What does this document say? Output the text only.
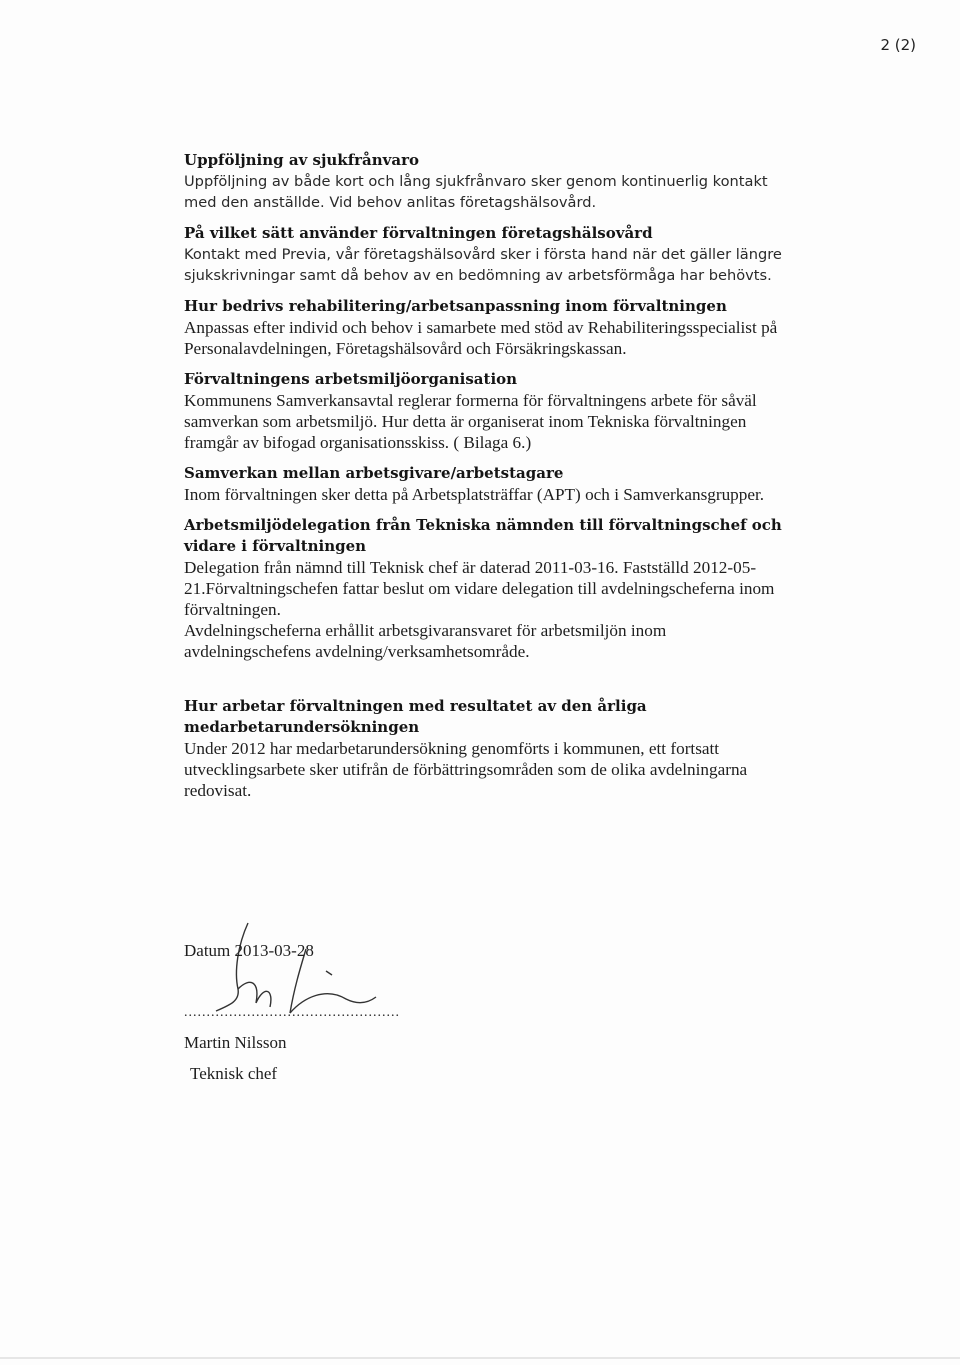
2 (2)
Uppföljning av sjukfrånvaro
Uppföljning av både kort och lång sjukfrånvaro sker genom kontinuerlig kontakt med den anställde. Vid behov anlitas företagshälsovård.
På vilket sätt använder förvaltningen företagshälsovård
Kontakt med Previa, vår företagshälsovård sker i första hand när det gäller längre sjukskrivningar samt då behov av en bedömning av arbetsförmåga har behövts.
Hur bedrivs rehabilitering/arbetsanpassning inom förvaltningen
Anpassas efter individ och behov i samarbete med stöd av Rehabiliteringsspecialist på Personalavdelningen, Företagshälsovård och Försäkringskassan.
Förvaltningens arbetsmiljöorganisation
Kommunens Samverkansavtal reglerar formerna för förvaltningens arbete för såväl samverkan som arbetsmiljö. Hur detta är organiserat inom Tekniska förvaltningen framgår av bifogad organisationsskiss. ( Bilaga 6.)
Samverkan mellan arbetsgivare/arbetstagare
Inom förvaltningen sker detta på Arbetsplatsträffar (APT) och i Samverkansgrupper.
Arbetsmiljödelegation från Tekniska nämnden till förvaltningschef och vidare i förvaltningen
Delegation från nämnd till Teknisk chef är daterad 2011-03-16. Fastställd 2012-05-21.Förvaltningschefen fattar beslut om vidare delegation till avdelningscheferna inom förvaltningen.
Avdelningscheferna erhållit arbetsgivaransvaret för arbetsmiljön inom avdelningschefens avdelning/verksamhetsområde.
Hur arbetar förvaltningen med resultatet av den årliga medarbetarundersökningen
Under 2012 har medarbetarundersökning genomförts i kommunen, ett fortsatt utvecklingsarbete sker utifrån de förbättringsområden som de olika avdelningarna redovisat.
Datum 2013-03-28
................................................
Martin Nilsson
Teknisk chef
